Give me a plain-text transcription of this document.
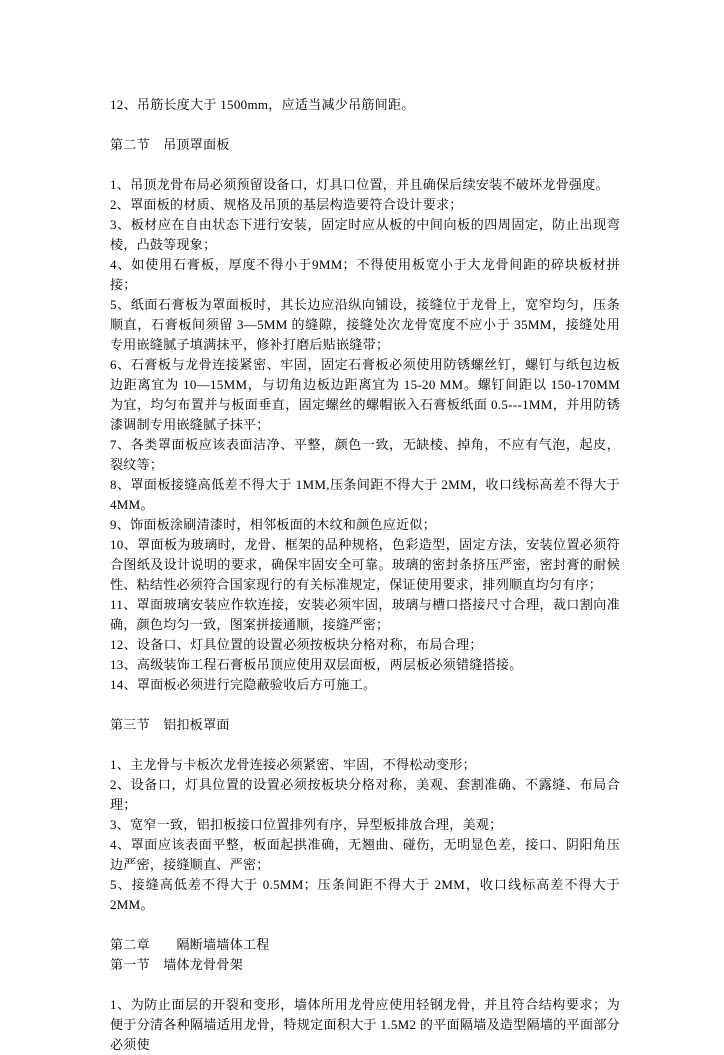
12、吊筋长度大于 1500mm，应适当减少吊筋间距。
第二节　吊顶罩面板
1、吊顶龙骨布局必须预留设备口，灯具口位置，并且确保后续安装不破坏龙骨强度。
2、罩面板的材质、规格及吊顶的基层构造要符合设计要求；
3、板材应在自由状态下进行安装，固定时应从板的中间向板的四周固定，防止出现弯棱，凸鼓等现象；
4、如使用石膏板，厚度不得小于9MM；不得使用板宽小于大龙骨间距的碎块板材拼接；
5、纸面石膏板为罩面板时，其长边应沿纵向铺设，接缝位于龙骨上，宽窄均匀，压条顺直，石膏板间须留 3—5MM 的缝隙，接缝处次龙骨宽度不应小于 35MM，接缝处用专用嵌缝腻子填满抹平，修补打磨后贴嵌缝带；
6、石膏板与龙骨连接紧密、牢固，固定石膏板必须使用防锈螺丝钉，螺钉与纸包边板边距离宜为 10—15MM，与切角边板边距离宜为 15-20 MM。螺钉间距以 150-170MM 为宜，均匀布置并与板面垂直，固定螺丝的螺帽嵌入石膏板纸面 0.5---1MM，并用防锈漆调制专用嵌缝腻子抹平；
7、各类罩面板应该表面洁净、平整，颜色一致，无缺棱、掉角，不应有气泡，起皮，裂纹等；
8、罩面板接缝高低差不得大于 1MM,压条间距不得大于 2MM，收口线标高差不得大于 4MM。
9、饰面板涂刷清漆时，相邻板面的木纹和颜色应近似；
10、罩面板为玻璃时，龙骨、框架的品种规格，色彩造型，固定方法，安装位置必须符合图纸及设计说明的要求，确保牢固安全可靠。玻璃的密封条挤压严密，密封膏的耐候性、粘结性必须符合国家现行的有关标准规定，保证使用要求，排列顺直均匀有序；
11、罩面玻璃安装应作软连接，安装必须牢固，玻璃与槽口搭接尺寸合理，裁口割向准确，颜色均匀一致，图案拼接通顺，接缝严密；
12、设备口、灯具位置的设置必须按板块分格对称，布局合理；
13、高级装饰工程石膏板吊顶应使用双层面板，两层板必须错缝搭接。
14、罩面板必须进行完隐蔽验收后方可施工。
第三节　铝扣板罩面
1、主龙骨与卡板次龙骨连接必须紧密、牢固，不得松动变形；
2、设备口，灯具位置的设置必须按板块分格对称，美观、套割准确、不露缝、布局合理；
3、宽窄一致，铝扣板接口位置排列有序，异型板排放合理，美观；
4、罩面应该表面平整，板面起拱准确，无翘曲、碰伤，无明显色差，接口、阴阳角压边严密，接缝顺直、严密；
5、接缝高低差不得大于 0.5MM；压条间距不得大于 2MM，收口线标高差不得大于 2MM。
第二章　　隔断墙墙体工程
第一节　墙体龙骨骨架
1、为防止面层的开裂和变形，墙体所用龙骨应使用轻钢龙骨，并且符合结构要求；为便于分清各种隔墙适用龙骨，特规定面积大于 1.5M2 的平面隔墙及造型隔墙的平面部分必须使
